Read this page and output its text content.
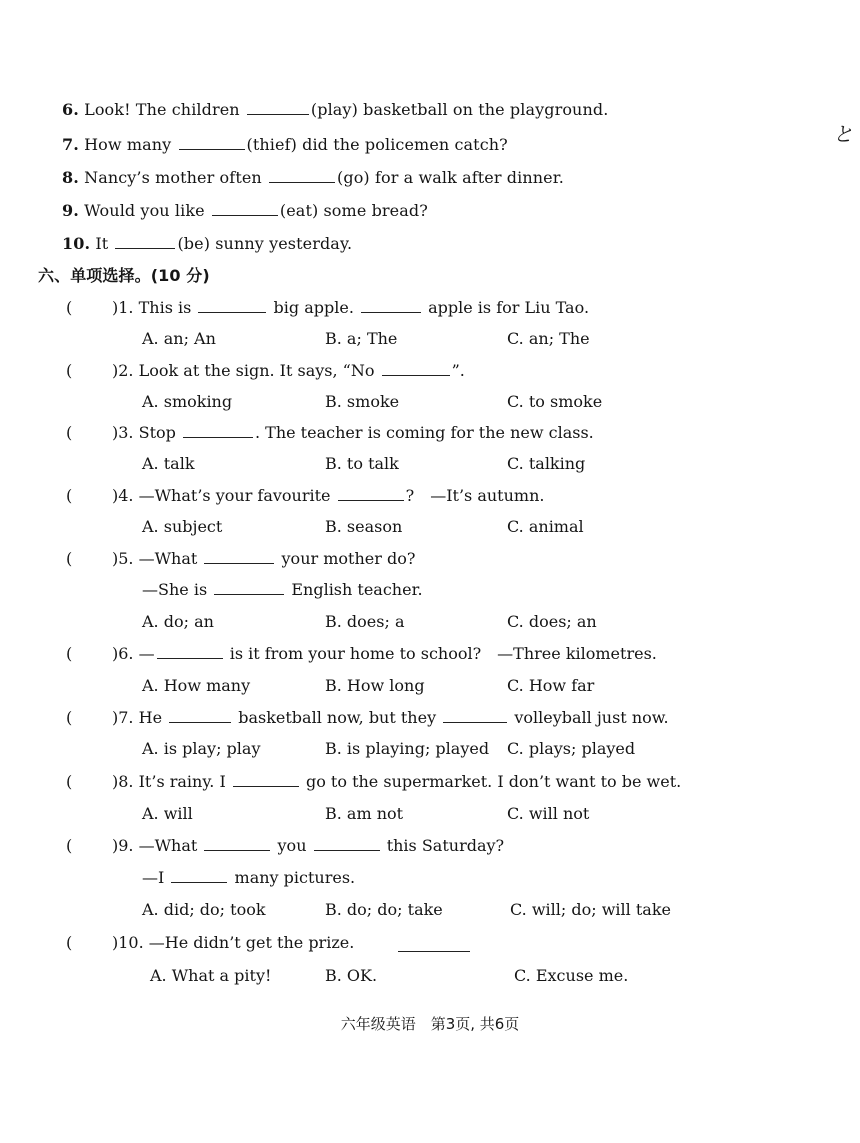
6. Look! The children	(play) basketball on the playground.
7. How many	(thief) did the policemen catch?
8. Nancy’s mother often	(go) for a walk after dinner.
9. Would you like	(eat) some bread?
10. It	(be) sunny yesterday.
と
六、单项选择。(10 分)
( )1. This is	big apple.	apple is for Liu Tao.
A. an; An	B. a; The	C. an; The
( )2. Look at the sign. It says, “No	”.
A. smoking	B. smoke	C. to smoke
( )3. Stop	. The teacher is coming for the new class.
A. talk	B. to talk	C. talking
( )4. —What’s your favourite	?　—It’s autumn.
A. subject	B. season	C. animal
( )5. —What	your mother do?
—She is	English teacher.
A. do; an	B. does; a	C. does; an
( )6. —	is it from your home to school?　—Three kilometres.
A. How many	B. How long	C. How far
( )7. He	basketball now, but they	volleyball just now.
A. is play; play	B. is playing; played C. plays; played
( )8. It’s rainy. I	go to the supermarket. I don’t want to be wet.
A. will	B. am not	C. will not
( )9. —What	you	this Saturday?
—I	many pictures.
A. did; do; took	B. do; do; take	C. will; do; will take
( )10. —He didn’t get the prize.
A. What a pity!	B. OK.	C. Excuse me.
六年级英语　第3页, 共6页
